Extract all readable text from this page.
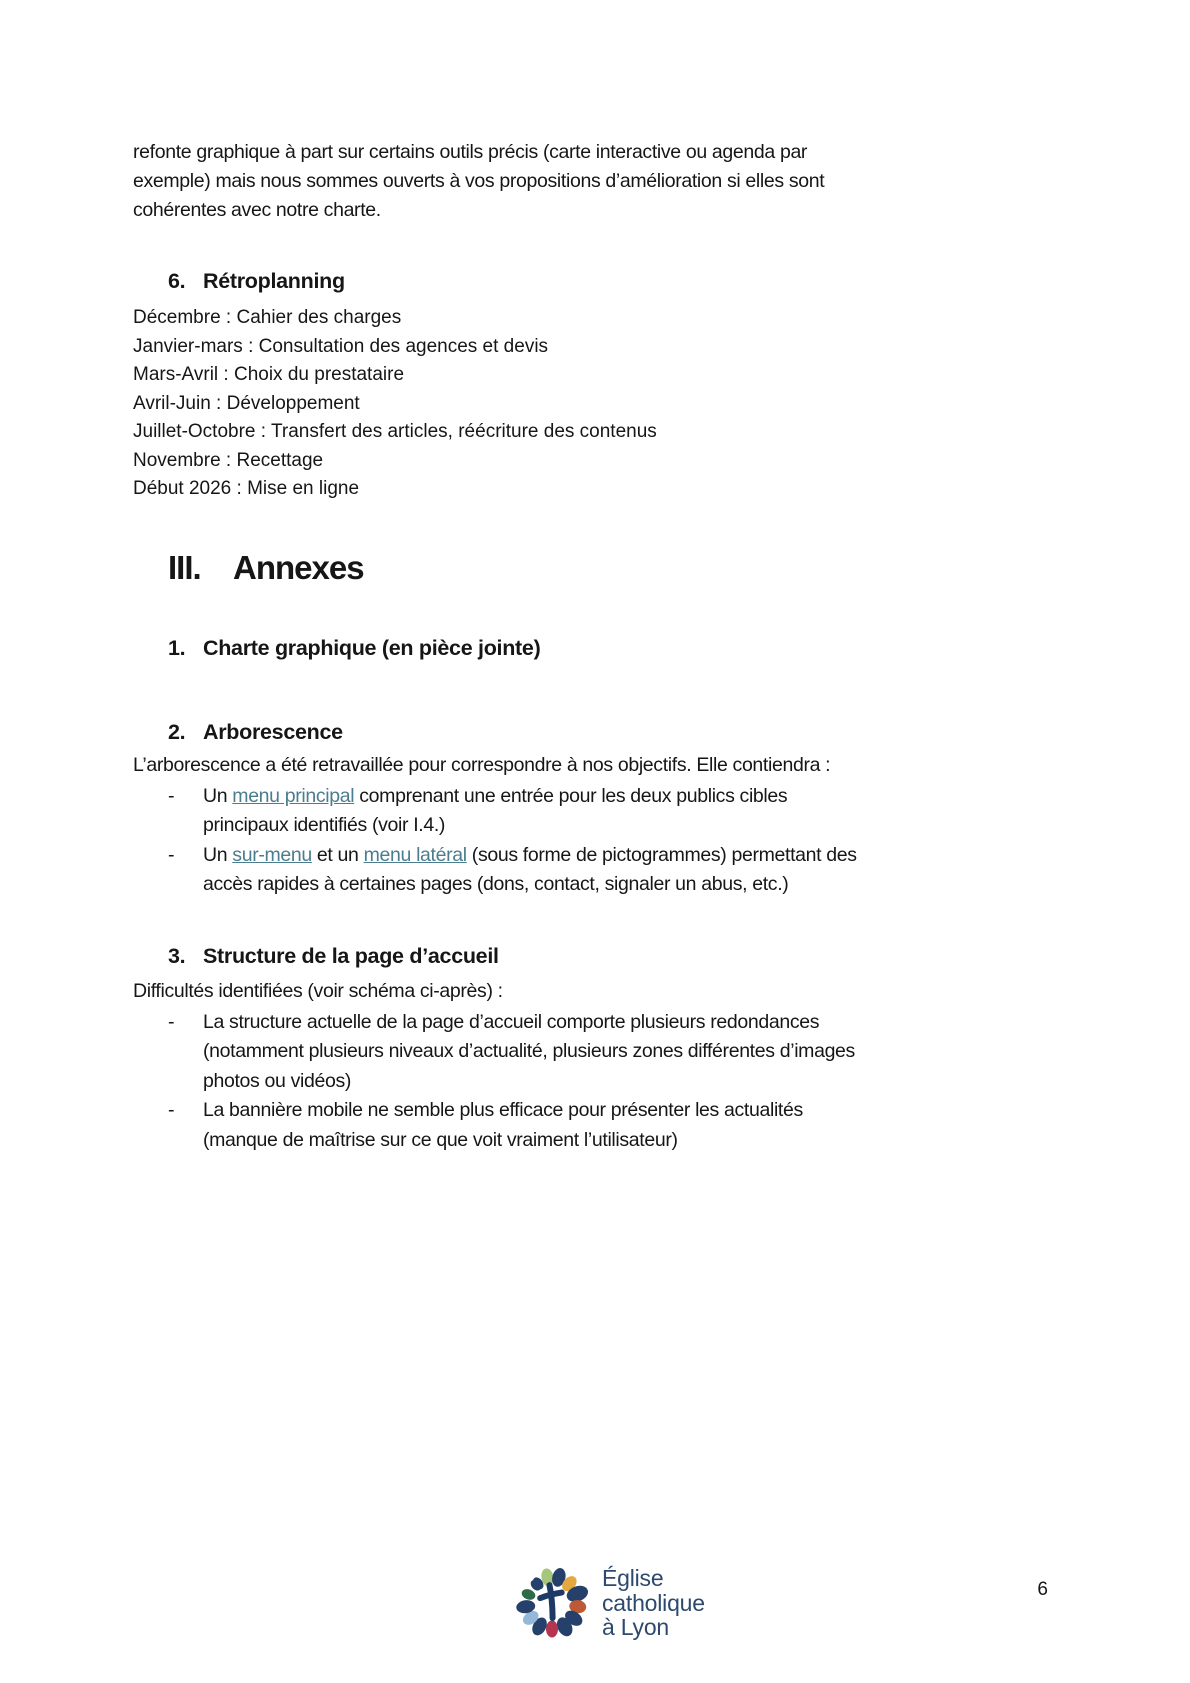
refonte graphique à part sur certains outils précis (carte interactive ou agenda par
exemple) mais nous sommes ouverts à vos propositions d’amélioration si elles sont
cohérentes avec notre charte.
6. Rétroplanning
Décembre : Cahier des charges
Janvier-mars : Consultation des agences et devis
Mars-Avril : Choix du prestataire
Avril-Juin : Développement
Juillet-Octobre : Transfert des articles, réécriture des contenus
Novembre : Recettage
Début 2026 : Mise en ligne
III. Annexes
1. Charte graphique (en pièce jointe)
2. Arborescence
L’arborescence a été retravaillée pour correspondre à nos objectifs. Elle contiendra :
-	Un menu principal comprenant une entrée pour les deux publics cibles
principaux identifiés (voir I.4.)
-	Un sur-menu et un menu latéral (sous forme de pictogrammes) permettant des
accès rapides à certaines pages (dons, contact, signaler un abus, etc.)
3. Structure de la page d’accueil
Difficultés identifiées (voir schéma ci-après) :
-	La structure actuelle de la page d’accueil comporte plusieurs redondances
(notamment plusieurs niveaux d’actualité, plusieurs zones différentes d’images
photos ou vidéos)
-	La bannière mobile ne semble plus efficace pour présenter les actualités
(manque de maîtrise sur ce que voit vraiment l’utilisateur)
Église
catholique
à Lyon
6
